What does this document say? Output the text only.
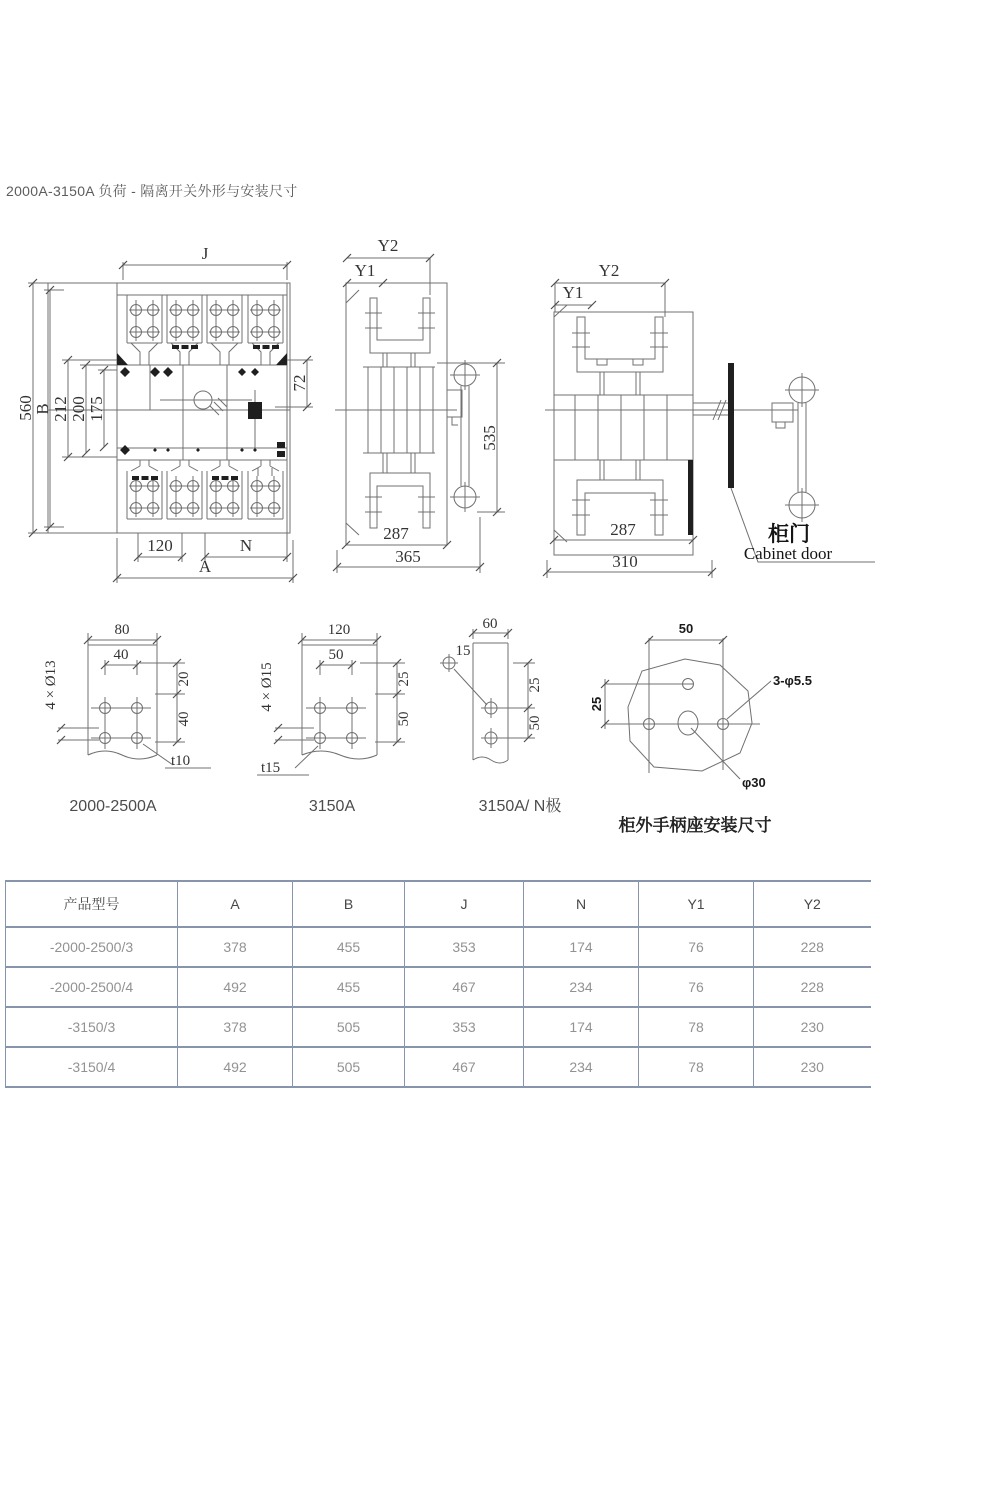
2000A-3150A 负荷 - 隔离开关外形与安装尺寸
J
560
B 212 200 175
72
120	N
A
Y2
Y1
535
287
365
Y2
Y1
柜门
Cabinet door
287
310
80
40
20
40
4 × Ø13
t10
2000-2500A
120
50
25
50
4 × Ø15
t15
3150A
60
15
25
50
3150A/ N极
50
25
3-φ5.5
φ30
柜外手柄座安装尺寸
产品型号	A	B	J	N	Y1	Y2
-2000-2500/3	378	455	353	174	76	228
-2000-2500/4	492	455	467	234	76	228
-3150/3	378	505	353	174	78	230
-3150/4	492	505	467	234	78	230
